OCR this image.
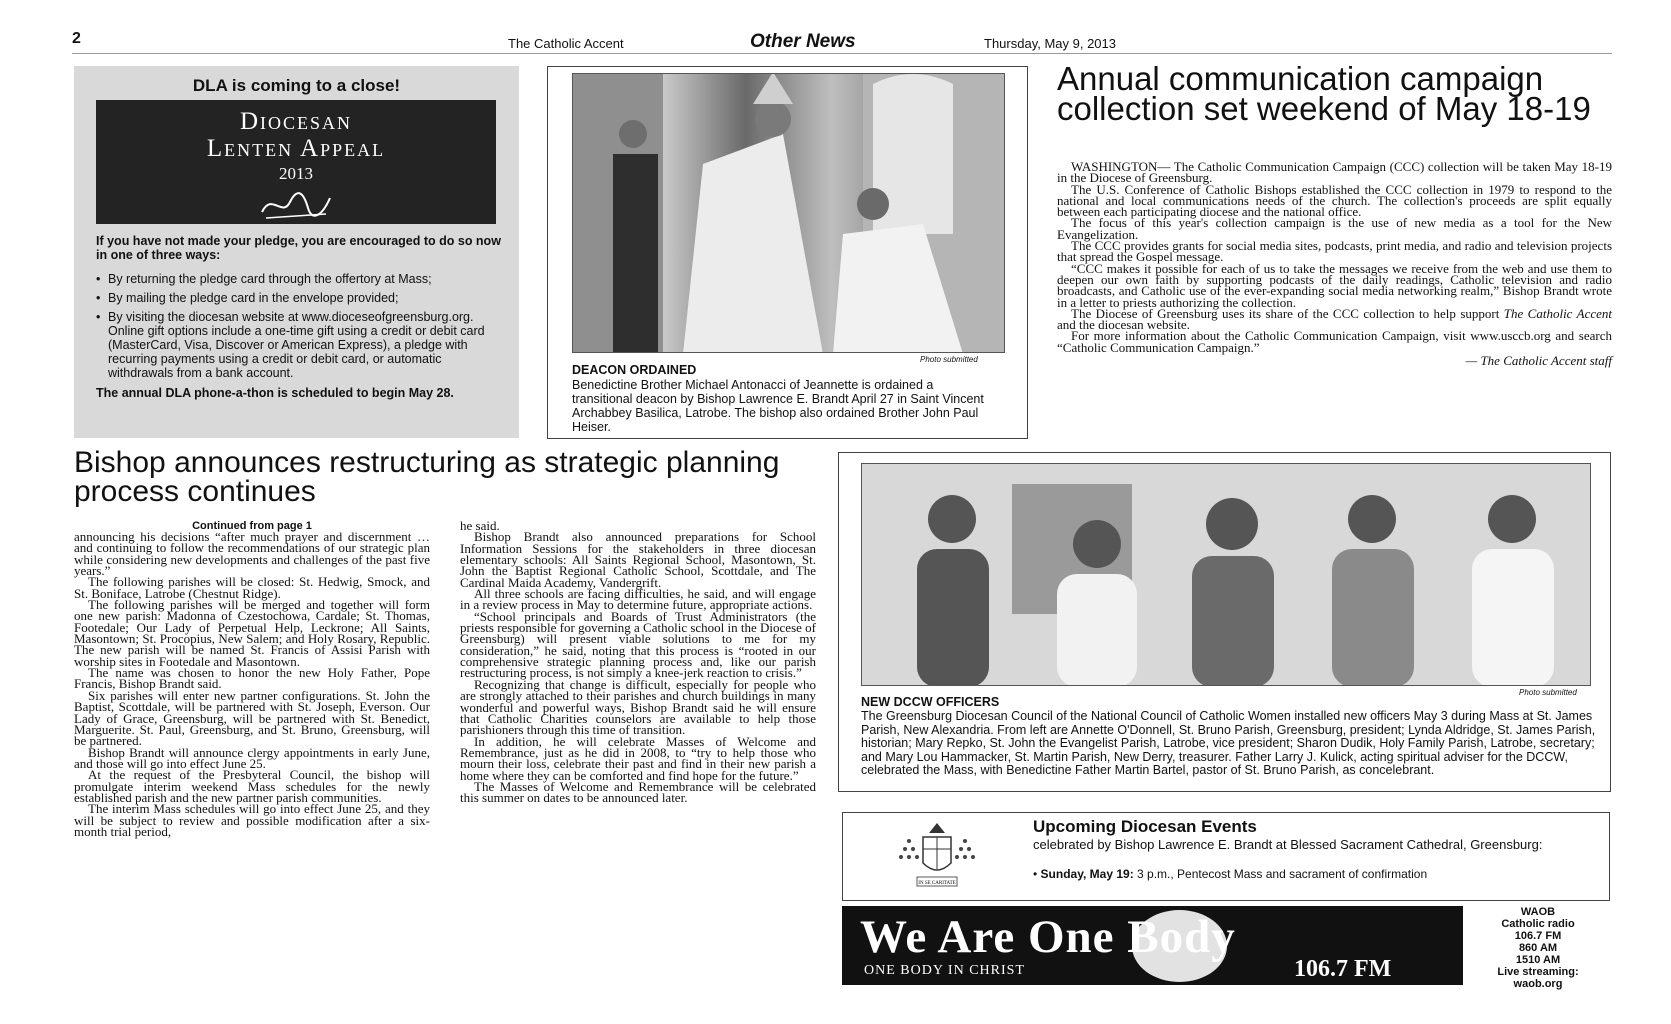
2	The Catholic Accent	Other News	Thursday, May 9, 2013
DLA is coming to a close!
Diocesan
Lenten Appeal
2013
If you have not made your pledge, you are encouraged to do so now in one of three ways:
• By returning the pledge card through the offertory at Mass;
• By mailing the pledge card in the envelope provided;
• By visiting the diocesan website at www.dioceseofgreensburg.org. Online gift options include a one-time gift using a credit or debit card (MasterCard, Visa, Discover or American Express), a pledge with recurring payments using a credit or debit card, or automatic withdrawals from a bank account.
The annual DLA phone-a-thon is scheduled to begin May 28.
Photo submitted
DEACON ORDAINED
Benedictine Brother Michael Antonacci of Jeannette is ordained a transitional deacon by Bishop Lawrence E. Brandt April 27 in Saint Vincent Archabbey Basilica, Latrobe. The bishop also ordained Brother John Paul Heiser.
Annual communication campaign collection set weekend of May 18-19

WASHINGTON— The Catholic Communication Campaign (CCC) collection will be taken May 18-19 in the Diocese of Greensburg.

The U.S. Conference of Catholic Bishops established the CCC collection in 1979 to respond to the national and local communications needs of the church. The collection's proceeds are split equally between each participating diocese and the national office.

The focus of this year's collection campaign is the use of new media as a tool for the New Evangelization.

The CCC provides grants for social media sites, podcasts, print media, and radio and television projects that spread the Gospel message.

“CCC makes it possible for each of us to take the messages we receive from the web and use them to deepen our own faith by supporting podcasts of the daily readings, Catholic television and radio broadcasts, and Catholic use of the ever-expanding social media networking realm,” Bishop Brandt wrote in a letter to priests authorizing the collection.

The Diocese of Greensburg uses its share of the CCC collection to help support The Catholic Accent and the diocesan website.

For more information about the Catholic Communication Campaign, visit www.usccb.org and search “Catholic Communication Campaign.”

— The Catholic Accent staff
Bishop announces restructuring as strategic planning process continues
Continued from page 1

announcing his decisions “after much prayer and discernment … and continuing to follow the recommendations of our strategic plan while considering new developments and challenges of the past five years.”

The following parishes will be closed: St. Hedwig, Smock, and St. Boniface, Latrobe (Chestnut Ridge).

The following parishes will be merged and together will form one new parish: Madonna of Czestochowa, Cardale; St. Thomas, Footedale; Our Lady of Perpetual Help, Leckrone; All Saints, Masontown; St. Procopius, New Salem; and Holy Rosary, Republic. The new parish will be named St. Francis of Assisi Parish with worship sites in Footedale and Masontown.

The name was chosen to honor the new Holy Father, Pope Francis, Bishop Brandt said.

Six parishes will enter new partner configurations. St. John the Baptist, Scottdale, will be partnered with St. Joseph, Everson. Our Lady of Grace, Greensburg, will be partnered with St. Benedict, Marguerite. St. Paul, Greensburg, and St. Bruno, Greensburg, will be partnered.

Bishop Brandt will announce clergy appointments in early June, and those will go into effect June 25.

At the request of the Presbyteral Council, the bishop will promulgate interim weekend Mass schedules for the newly established parish and the new partner parish communities.

The interim Mass schedules will go into effect June 25, and they will be subject to review and possible modification after a six-month trial period,

he said.

Bishop Brandt also announced preparations for School Information Sessions for the stakeholders in three diocesan elementary schools: All Saints Regional School, Masontown, St. John the Baptist Regional Catholic School, Scottdale, and The Cardinal Maida Academy, Vandergrift.

All three schools are facing difficulties, he said, and will engage in a review process in May to determine future, appropriate actions.

“School principals and Boards of Trust Administrators (the priests responsible for governing a Catholic school in the Diocese of Greensburg) will present viable solutions to me for my consideration,” he said, noting that this process is “rooted in our comprehensive strategic planning process and, like our parish restructuring process, is not simply a knee-jerk reaction to crisis.”

Recognizing that change is difficult, especially for people who are strongly attached to their parishes and church buildings in many wonderful and powerful ways, Bishop Brandt said he will ensure that Catholic Charities counselors are available to help those parishioners through this time of transition.

In addition, he will celebrate Masses of Welcome and Remembrance, just as he did in 2008, to “try to help those who mourn their loss, celebrate their past and find in their new parish a home where they can be comforted and find hope for the future.”

The Masses of Welcome and Remembrance will be celebrated this summer on dates to be announced later.

Photo submitted
NEW DCCW OFFICERS
The Greensburg Diocesan Council of the National Council of Catholic Women installed new officers May 3 during Mass at St. James Parish, New Alexandria. From left are Annette O'Donnell, St. Bruno Parish, Greensburg, president; Lynda Aldridge, St. James Parish, historian; Mary Repko, St. John the Evangelist Parish, Latrobe, vice president; Sharon Dudik, Holy Family Parish, Latrobe, secretary; and Mary Lou Hammacker, St. Martin Parish, New Derry, treasurer. Father Larry J. Kulick, acting spiritual adviser for the DCCW, celebrated the Mass, with Benedictine Father Martin Bartel, pastor of St. Bruno Parish, as concelebrant.
IN SE CARITATE
Upcoming Diocesan Events
celebrated by Bishop Lawrence E. Brandt at Blessed Sacrament Cathedral, Greensburg:
• Sunday, May 19: 3 p.m., Pentecost Mass and sacrament of confirmation
We Are One Body
ONE BODY IN CHRIST	106.7 FM
WAOB
Catholic radio
106.7 FM
860 AM
1510 AM
Live streaming:
waob.org
